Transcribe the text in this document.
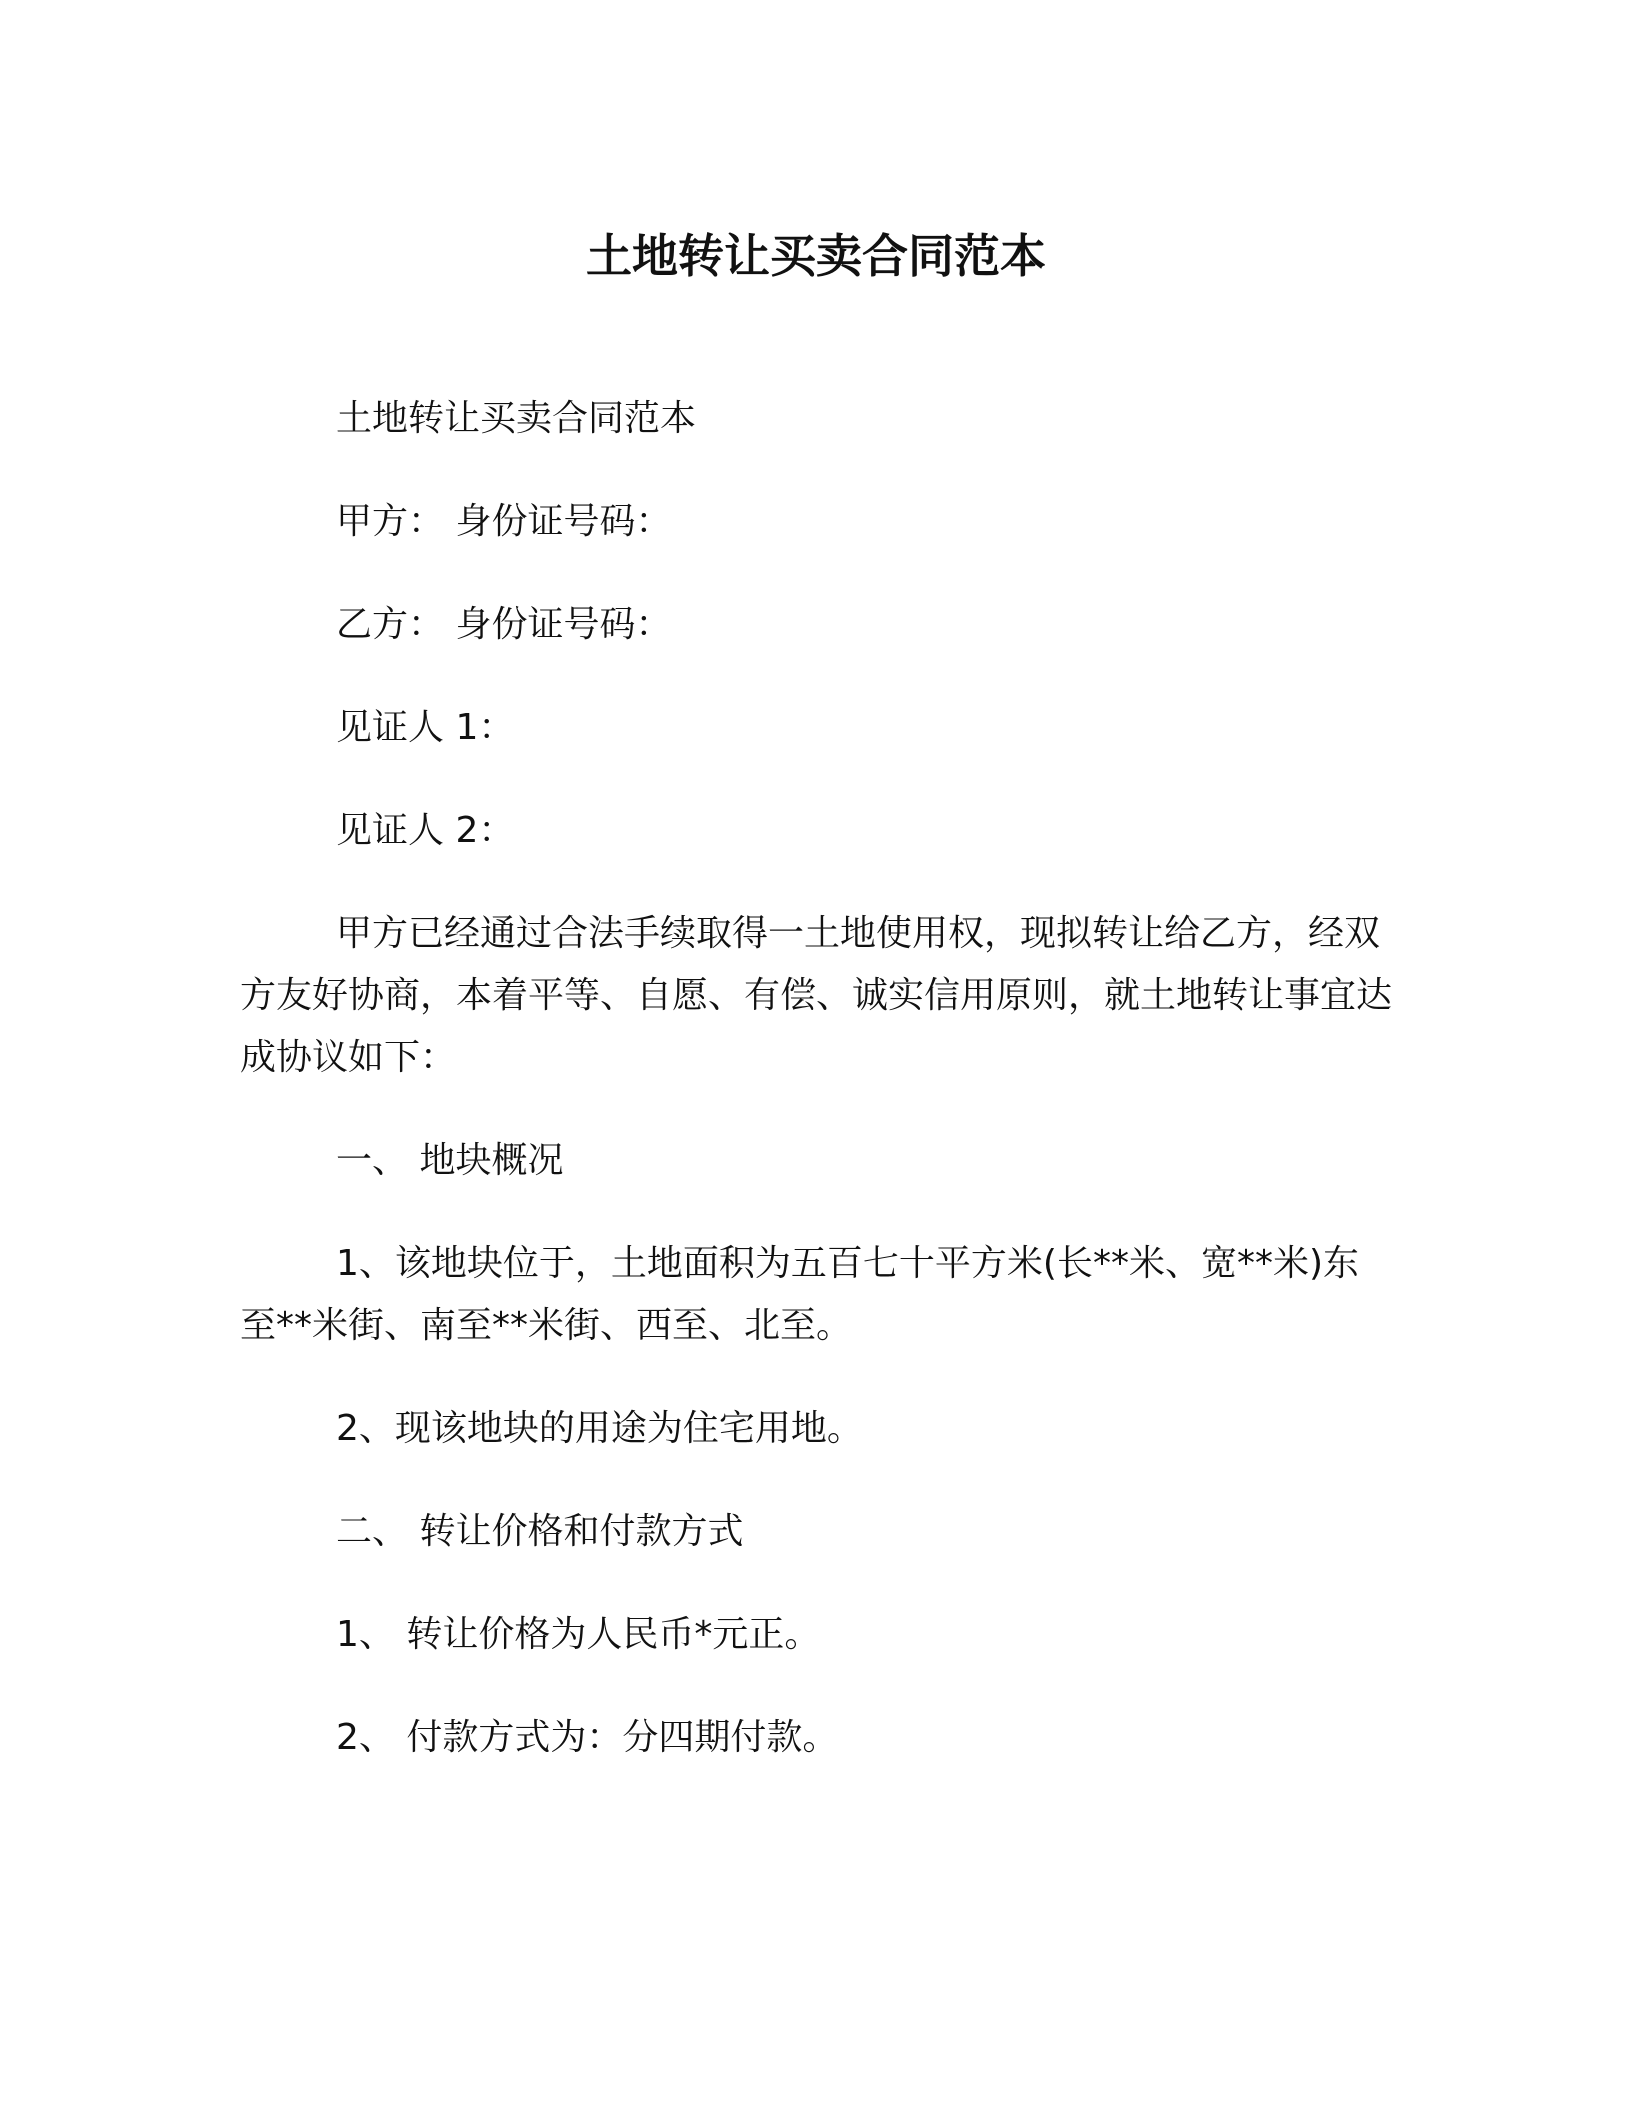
土地转让买卖合同范本

土地转让买卖合同范本

甲方： 身份证号码：

乙方： 身份证号码：

见证人 1：

见证人 2：

甲方已经通过合法手续取得一土地使用权，现拟转让给乙方，经双方友好协商，本着平等、自愿、有偿、诚实信用原则，就土地转让事宜达成协议如下：

一、 地块概况

1、该地块位于，土地面积为五百七十平方米(长**米、宽**米)东至**米街、南至**米街、西至、北至。

2、现该地块的用途为住宅用地。

二、 转让价格和付款方式

1、 转让价格为人民币*元正。

2、 付款方式为：分四期付款。
